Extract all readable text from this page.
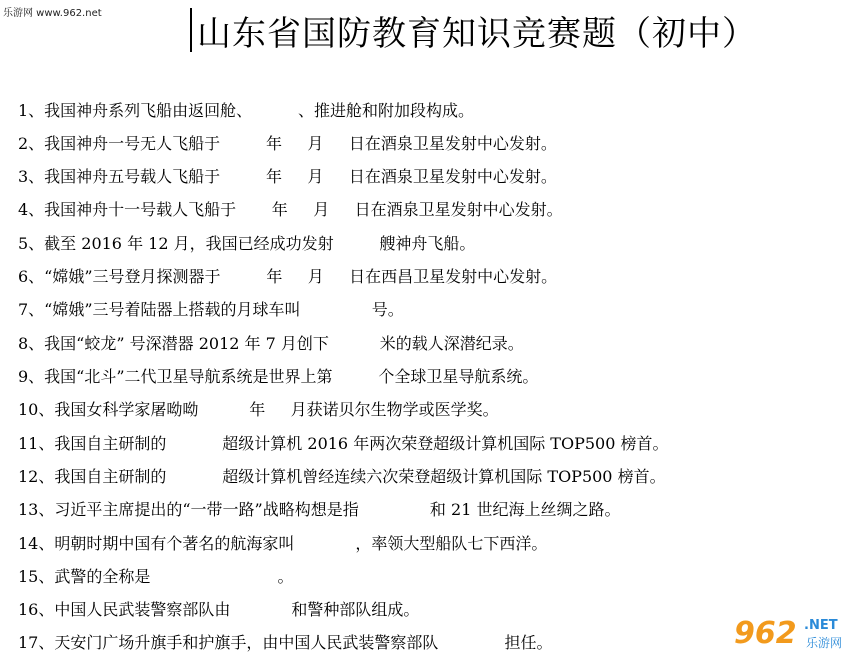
乐游网 www.962.net
山东省国防教育知识竞赛题（初中）
1、我国神舟系列飞船由返回舱、         、推进舱和附加段构成。
2、我国神舟一号无人飞船于         年     月     日在酒泉卫星发射中心发射。
3、我国神舟五号载人飞船于         年     月     日在酒泉卫星发射中心发射。
4、我国神舟十一号载人飞船于       年     月     日在酒泉卫星发射中心发射。
5、截至 2016 年 12 月，我国已经成功发射         艘神舟飞船。
6、“嫦娥”三号登月探测器于         年     月     日在西昌卫星发射中心发射。
7、“嫦娥”三号着陆器上搭载的月球车叫              号。
8、我国“蛟龙” 号深潜器 2012 年 7 月创下          米的载人深潜纪录。
9、我国“北斗”二代卫星导航系统是世界上第         个全球卫星导航系统。
10、我国女科学家屠呦呦          年     月获诺贝尔生物学或医学奖。
11、我国自主研制的           超级计算机 2016 年两次荣登超级计算机国际 TOP500 榜首。
12、我国自主研制的           超级计算机曾经连续六次荣登超级计算机国际 TOP500 榜首。
13、习近平主席提出的“一带一路”战略构想是指              和 21 世纪海上丝绸之路。
14、明朝时期中国有个著名的航海家叫            ，率领大型船队七下西洋。
15、武警的全称是                         。
16、中国人民武装警察部队由            和警种部队组成。
17、天安门广场升旗手和护旗手，由中国人民武装警察部队             担任。	962 .NET
乐游网
